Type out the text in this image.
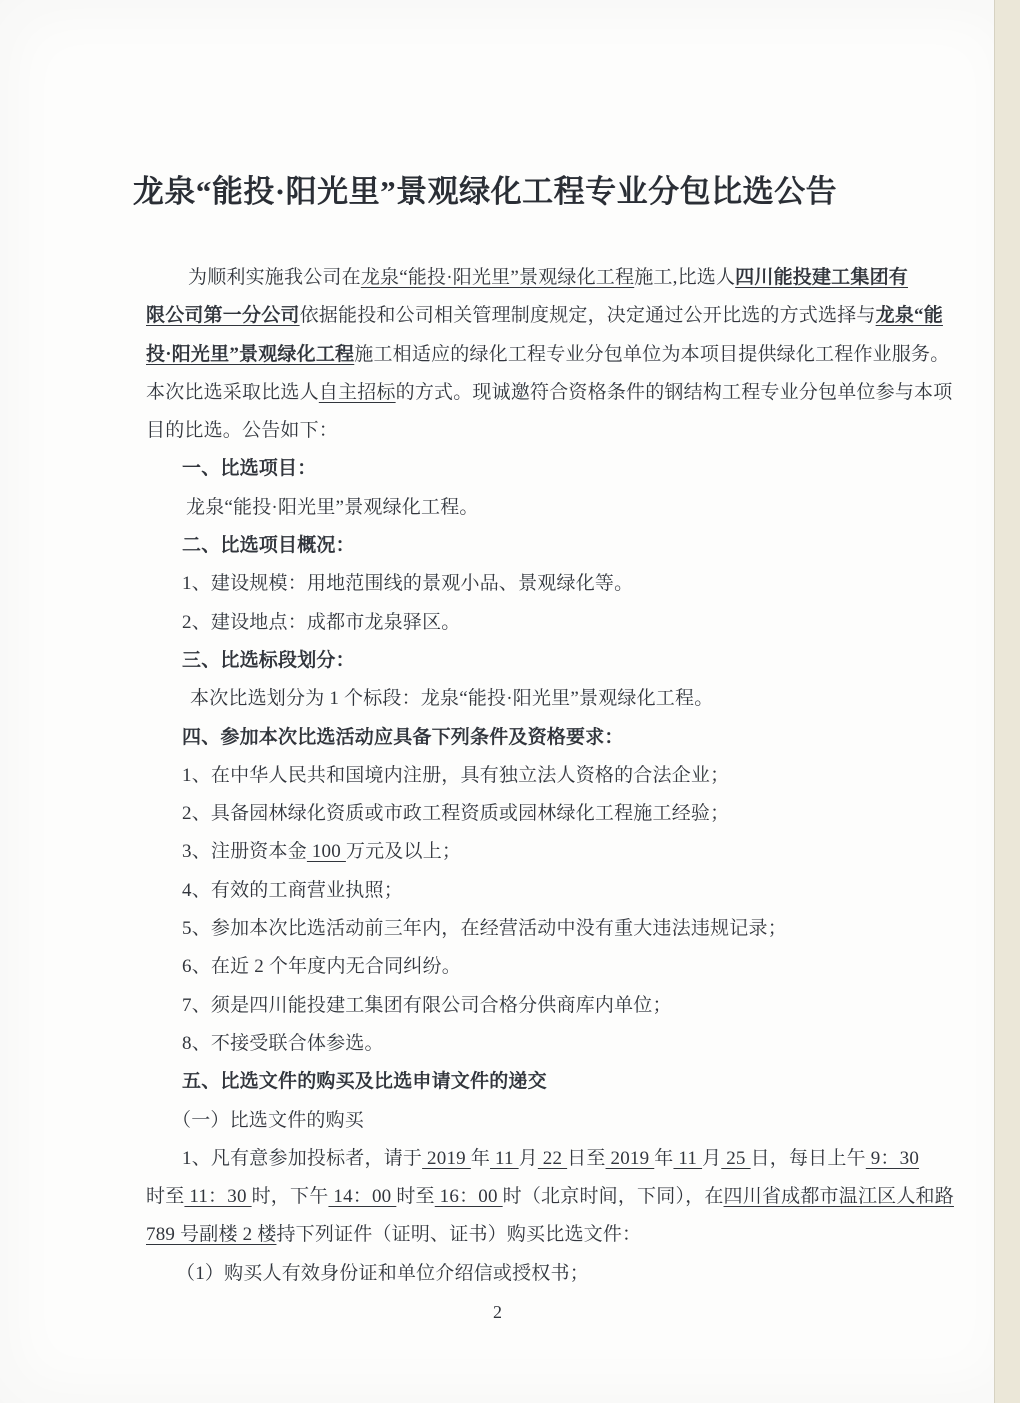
龙泉“能投·阳光里”景观绿化工程专业分包比选公告
为顺利实施我公司在龙泉“能投·阳光里”景观绿化工程施工,比选人四川能投建工集团有
限公司第一分公司依据能投和公司相关管理制度规定，决定通过公开比选的方式选择与龙泉“能
投·阳光里”景观绿化工程施工相适应的绿化工程专业分包单位为本项目提供绿化工程作业服务。
本次比选采取比选人自主招标的方式。现诚邀符合资格条件的钢结构工程专业分包单位参与本项
目的比选。公告如下：
一、比选项目：
龙泉“能投·阳光里”景观绿化工程。
二、比选项目概况：
1、建设规模：用地范围线的景观小品、景观绿化等。
2、建设地点：成都市龙泉驿区。
三、比选标段划分：
本次比选划分为 1 个标段：龙泉“能投·阳光里”景观绿化工程。
四、参加本次比选活动应具备下列条件及资格要求：
1、在中华人民共和国境内注册，具有独立法人资格的合法企业；
2、具备园林绿化资质或市政工程资质或园林绿化工程施工经验；
3、注册资本金 100 万元及以上；
4、有效的工商营业执照；
5、参加本次比选活动前三年内，在经营活动中没有重大违法违规记录；
6、在近 2 个年度内无合同纠纷。
7、须是四川能投建工集团有限公司合格分供商库内单位；
8、不接受联合体参选。
五、比选文件的购买及比选申请文件的递交
（一）比选文件的购买
1、凡有意参加投标者，请于 2019 年 11 月 22 日至 2019 年 11 月 25 日，每日上午 9：30
时至 11：30 时，下午 14：00 时至 16：00 时（北京时间，下同），在四川省成都市温江区人和路
789 号副楼 2 楼持下列证件（证明、证书）购买比选文件：
（1）购买人有效身份证和单位介绍信或授权书；
2
